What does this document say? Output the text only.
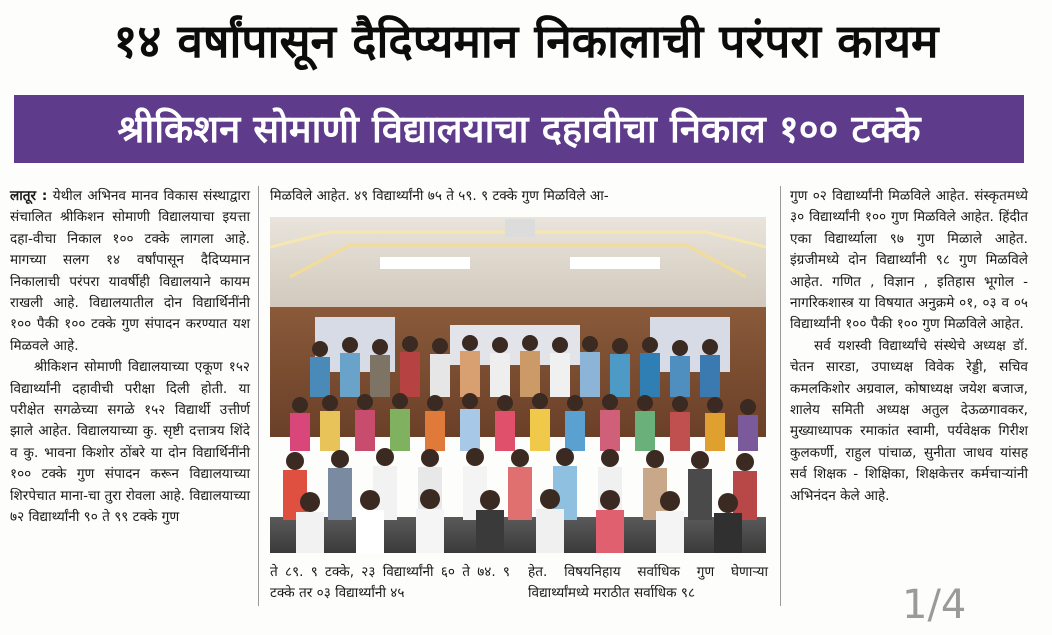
१४ वर्षांपासून दैदिप्यमान निकालाची परंपरा कायम
श्रीकिशन सोमाणी विद्यालयाचा दहावीचा निकाल १०० टक्के

लातूर : येथील अभिनव मानव विकास संस्थाद्वारा संचालित श्रीकिशन सोमाणी विद्यालयाचा इयत्ता दहा-वीचा निकाल १०० टक्के लागला आहे. मागच्या सलग १४ वर्षांपासून दैदिप्यमान निकालाची परंपरा यावर्षीही विद्यालयाने कायम राखली आहे. विद्यालयातील दोन विद्यार्थिनींनी १०० पैकी १०० टक्के गुण संपादन करण्यात यश मिळवले आहे.

श्रीकिशन सोमाणी विद्यालयाच्या एकूण १५२ विद्यार्थ्यांनी दहावीची परीक्षा दिली होती. या परीक्षेत सगळेच्या सगळे १५२ विद्यार्थी उत्तीर्ण झाले आहेत. विद्यालयाच्या कु. सृष्टी दत्तात्रय शिंदे व कु. भावना किशोर ठोंबरे या दोन विद्यार्थिनींनी १०० टक्के गुण संपादन करून विद्यालयाच्या शिरपेचात माना-चा तुरा रोवला आहे. विद्यालयाच्या ७२ विद्यार्थ्यांनी ९० ते ९९ टक्के गुण

मिळविले आहेत. ४९ विद्यार्थ्यांनी ७५ ते ५९. ९ टक्के गुण मिळविले आ-
ते ८९. ९ टक्के, २३ विद्यार्थ्यांनी ६० ते ७४. ९ टक्के तर ०३ विद्यार्थ्यांनी ४५
हेत. विषयनिहाय सर्वाधिक गुण घेणाऱ्या विद्यार्थ्यांमध्ये मराठीत सर्वाधिक ९८

गुण ०२ विद्यार्थ्यांनी मिळविले आहेत. संस्कृतमध्ये ३० विद्यार्थ्यांनी १०० गुण मिळविले आहेत. हिंदीत एका विद्यार्थ्याला ९७ गुण मिळाले आहेत. इंग्रजीमध्ये दोन विद्यार्थ्यांनी ९८ गुण मिळविले आहेत. गणित , विज्ञान , इतिहास भूगोल - नागरिकशास्त्र या विषयात अनुक्रमे ०१, ०३ व ०५ विद्यार्थ्यांनी १०० पैकी १०० गुण मिळविले आहेत.

सर्व यशस्वी विद्यार्थ्यांचे संस्थेचे अध्यक्ष डॉ. चेतन सारडा, उपाध्यक्ष विवेक रेड्डी, सचिव कमलकिशोर अग्रवाल, कोषाध्यक्ष जयेश बजाज, शालेय समिती अध्यक्ष अतुल देऊळगावकर, मुख्याध्यापक रमाकांत स्वामी, पर्यवेक्षक गिरीश कुलकर्णी, राहुल पांचाळ, सुनीता जाधव यांसह सर्व शिक्षक - शिक्षिका, शिक्षकेत्तर कर्मचाऱ्यांनी अभिनंदन केले आहे.

1/4
